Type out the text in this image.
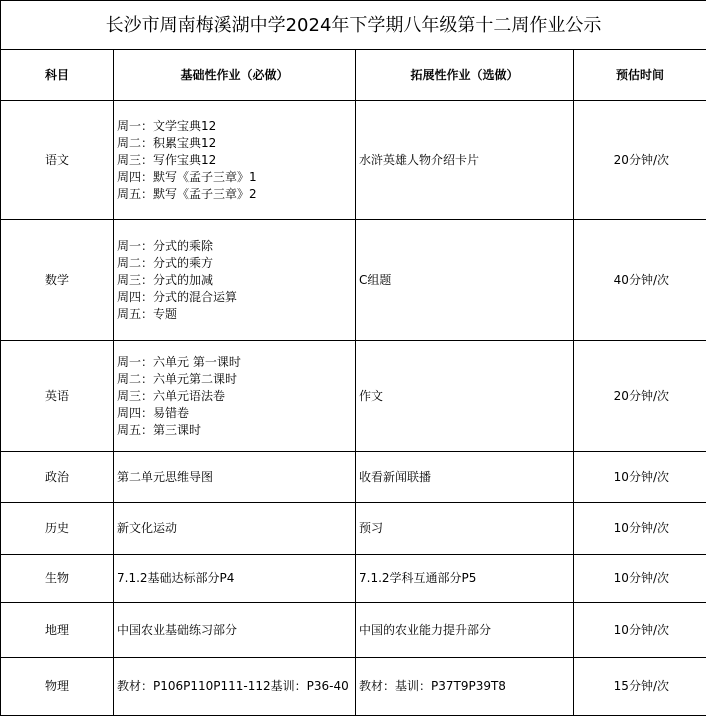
长沙市周南梅溪湖中学2024年下学期八年级第十二周作业公示			
科目	基础性作业（必做）	拓展性作业（选做）	预估时间
语文	周一：文学宝典12
周二：积累宝典12
周三：写作宝典12
周四：默写《孟子三章》1
周五：默写《孟子三章》2	水浒英雄人物介绍卡片	20分钟/次
数学	周一：分式的乘除
周二：分式的乘方
周三：分式的加减
周四：分式的混合运算
周五：专题	C组题	40分钟/次
英语	周一：六单元 第一课时
周二：六单元第二课时
周三：六单元语法卷
周四：易错卷
周五：第三课时	作文	20分钟/次
政治	第二单元思维导图	收看新闻联播	10分钟/次
历史	新文化运动	预习	10分钟/次
生物	7.1.2基础达标部分P4	7.1.2学科互通部分P5	10分钟/次
地理	中国农业基础练习部分	中国的农业能力提升部分	10分钟/次
物理	教材：P106P110P111-112基训：P36-40	教材：基训：P37T9P39T8	15分钟/次
